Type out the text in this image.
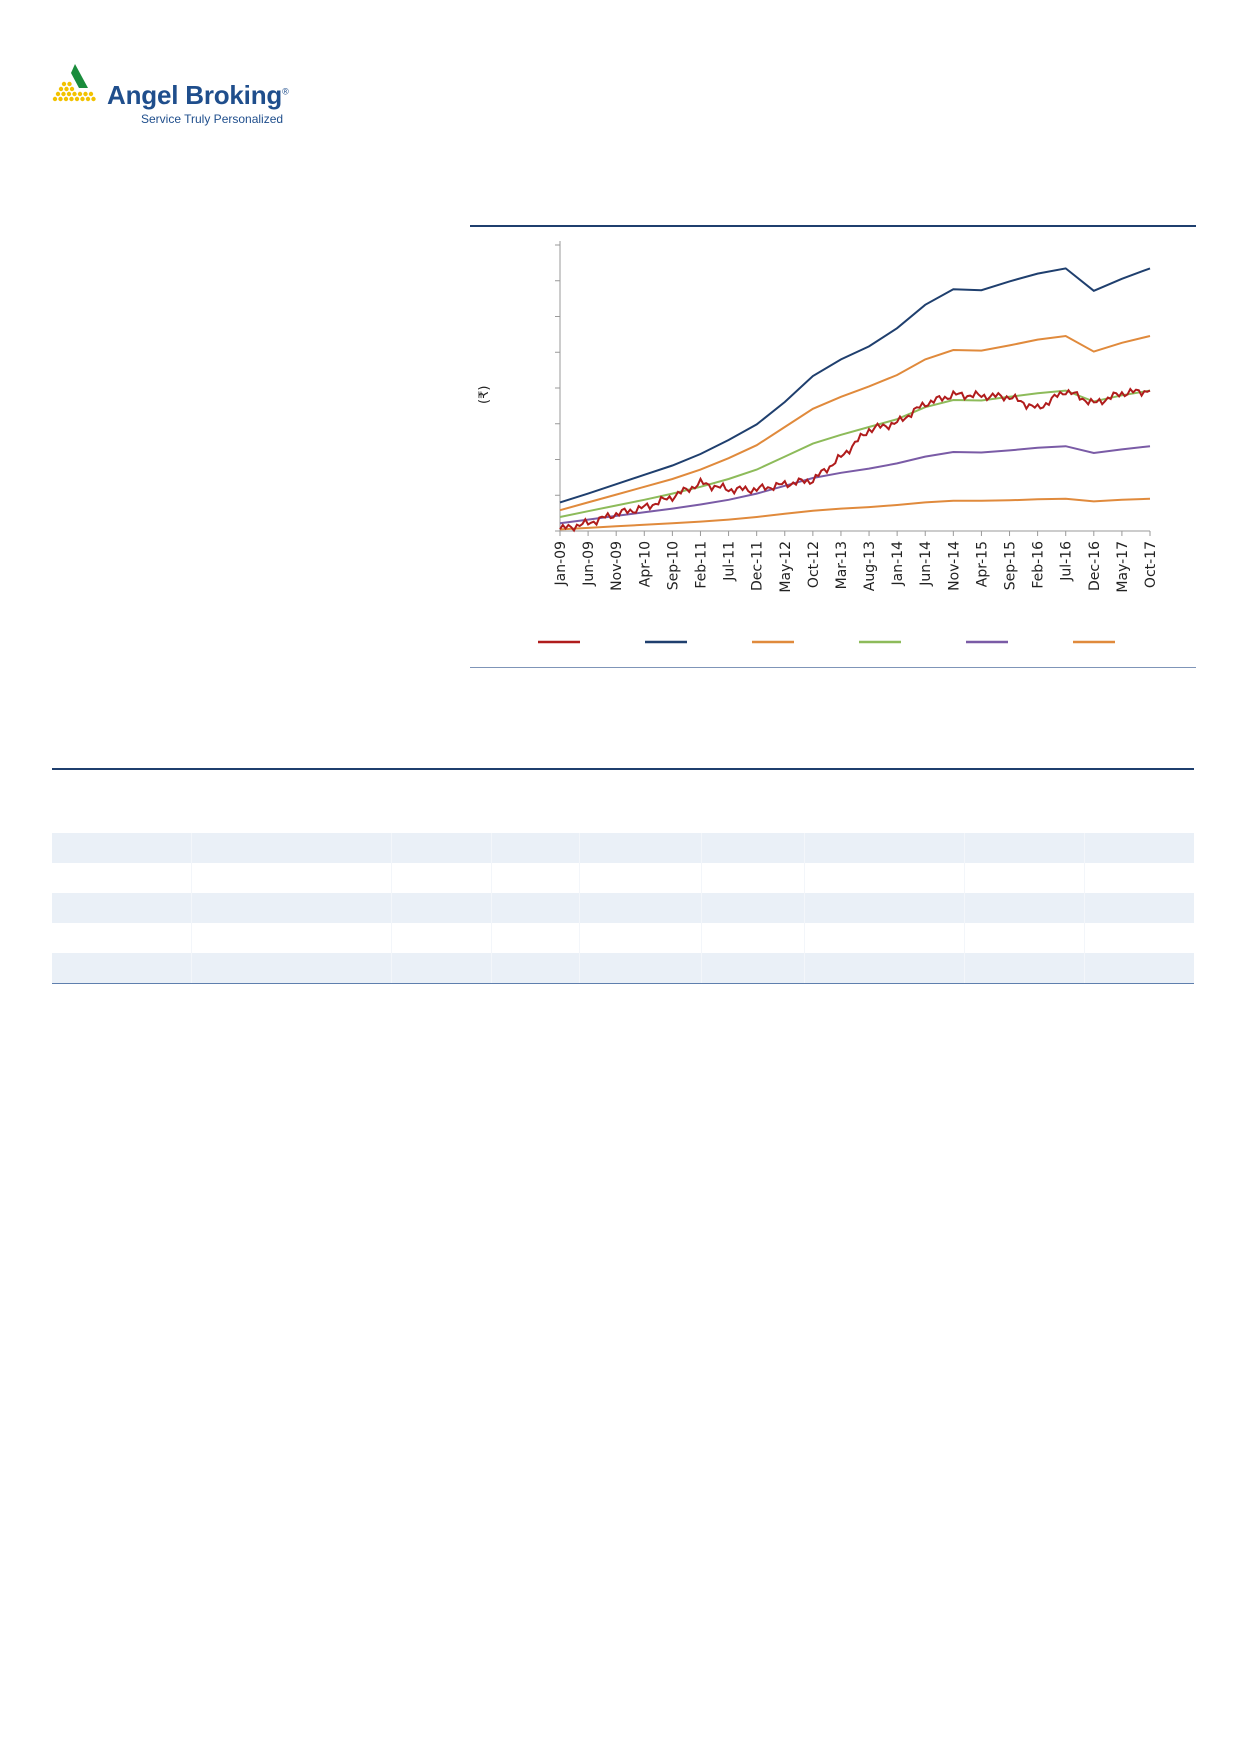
Angel Broking®
Service Truly Personalized
(₹)
Jan-09 Jun-09 Nov-09 Apr-10 Sep-10 Feb-11 Jul-11 Dec-11 May-12 Oct-12 Mar-13 Aug-13 Jan-14 Jun-14 Nov-14 Apr-15 Sep-15 Feb-16 Jul-16 Dec-16 May-17 Oct-17
